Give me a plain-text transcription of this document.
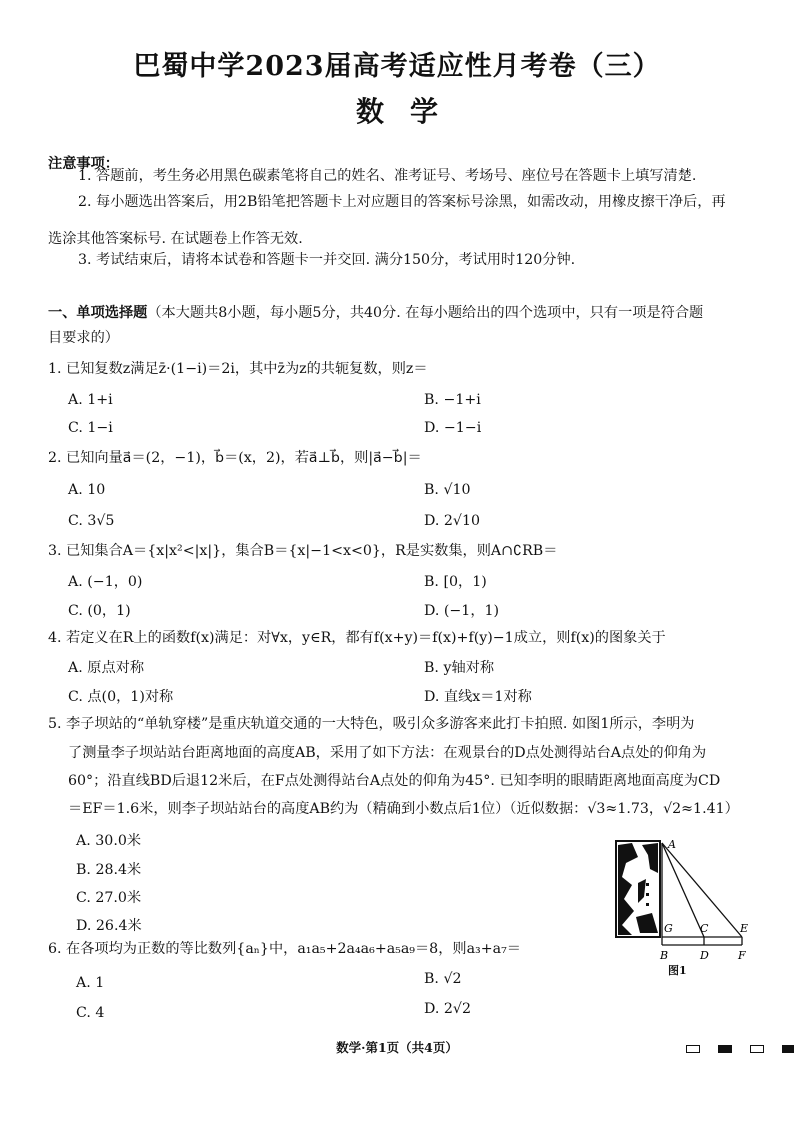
巴蜀中学2023届高考适应性月考卷（三）
数学
注意事项：
1. 答题前，考生务必用黑色碳素笔将自己的姓名、准考证号、考场号、座位号在答题卡上填写清楚.
2. 每小题选出答案后，用2B铅笔把答题卡上对应题目的答案标号涂黑，如需改动，用橡皮擦干净后，再
选涂其他答案标号. 在试题卷上作答无效.
3. 考试结束后，请将本试卷和答题卡一并交回. 满分150分，考试用时120分钟.
一、单项选择题（本大题共8小题，每小题5分，共40分. 在每小题给出的四个选项中，只有一项是符合题
目要求的）
1. 已知复数z满足z̄·(1−i)＝2i，其中z̄为z的共轭复数，则z＝
A. 1+i	B. −1+i
C. 1−i	D. −1−i
2. 已知向量a⃗＝(2，−1)，b⃗＝(x，2)，若a⃗⊥b⃗，则|a⃗−b⃗|＝
A. 10	B. √10
C. 3√5	D. 2√10
3. 已知集合A＝{x|x²<|x|}，集合B＝{x|−1<x<0}，R是实数集，则A∩∁RB＝
A. (−1，0)	B. [0，1)
C. (0，1)	D. (−1，1)
4. 若定义在R上的函数f(x)满足：对∀x，y∈R，都有f(x+y)＝f(x)+f(y)−1成立，则f(x)的图象关于
A. 原点对称	B. y轴对称
C. 点(0，1)对称	D. 直线x＝1对称
5. 李子坝站的“单轨穿楼”是重庆轨道交通的一大特色，吸引众多游客来此打卡拍照. 如图1所示，李明为
了测量李子坝站站台距离地面的高度AB，采用了如下方法：在观景台的D点处测得站台A点处的仰角为
60°；沿直线BD后退12米后，在F点处测得站台A点处的仰角为45°. 已知李明的眼睛距离地面高度为CD
＝EF＝1.6米，则李子坝站站台的高度AB约为（精确到小数点后1位）（近似数据：√3≈1.73，√2≈1.41）
A. 30.0米
B. 28.4米
C. 27.0米
D. 26.4米
A
G C	E
B	D	F
图1
6. 在各项均为正数的等比数列{aₙ}中，a₁a₅+2a₄a₆+a₅a₉＝8，则a₃+a₇＝
A. 1	B. √2
C. 4	D. 2√2
数学·第1页（共4页）
